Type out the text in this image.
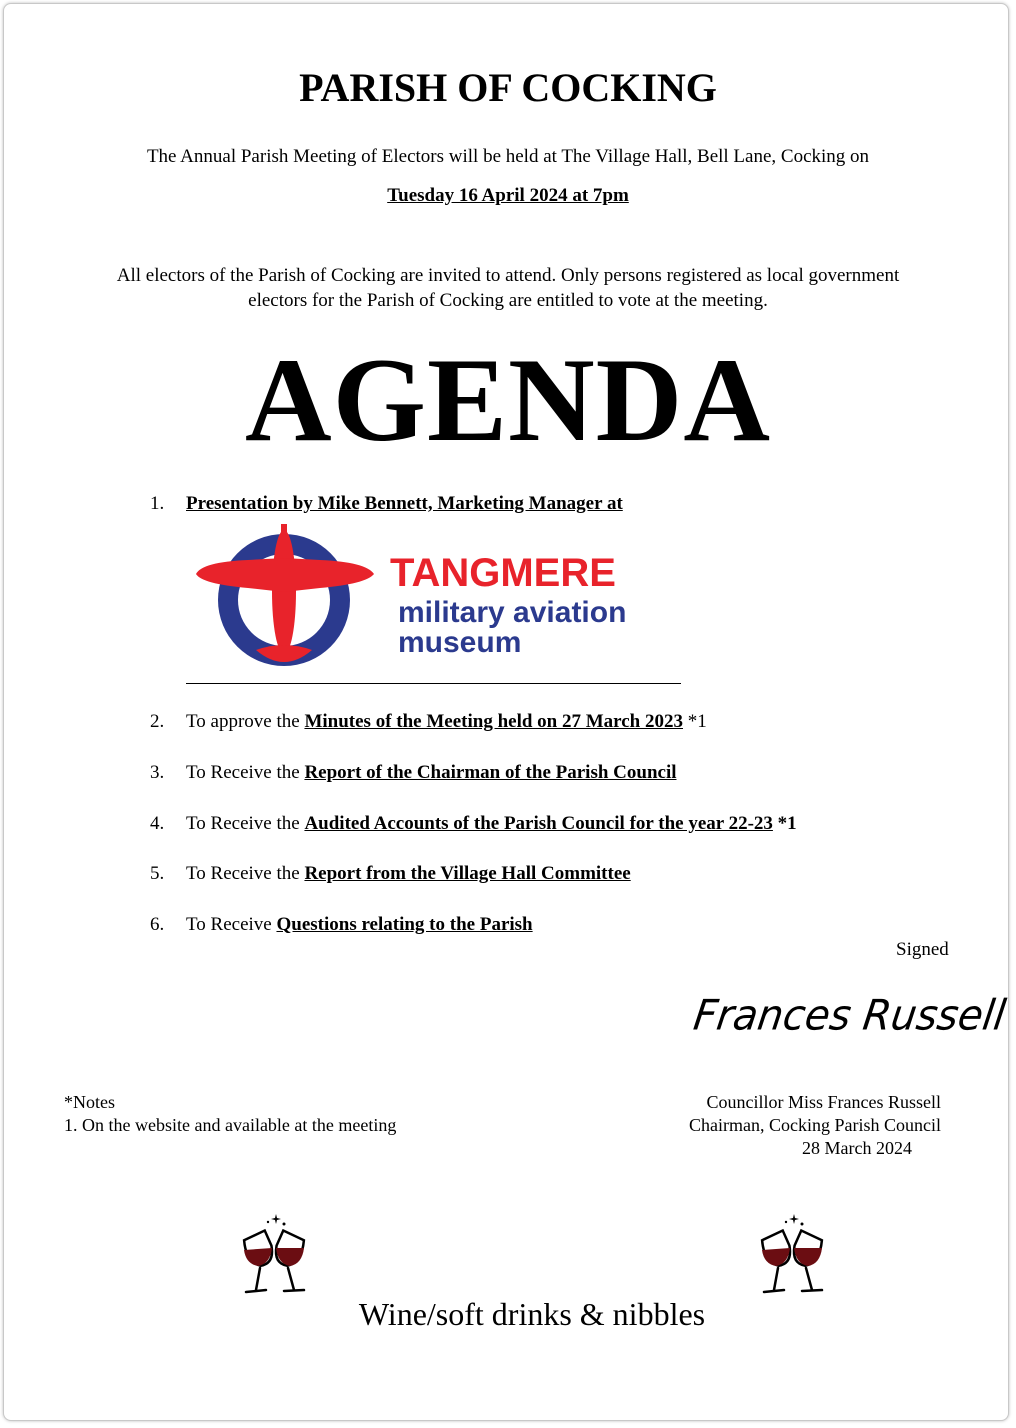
PARISH OF COCKING
The Annual Parish Meeting of Electors will be held at The Village Hall, Bell Lane, Cocking on
Tuesday 16 April 2024 at 7pm
All electors of the Parish of Cocking are invited to attend. Only persons registered as local government
electors for the Parish of Cocking are entitled to vote at the meeting.
AGENDA
1. Presentation by Mike Bennett, Marketing Manager at
TANGMERE
military aviation
museum
2. To approve the Minutes of the Meeting held on 27 March 2023 *1
3. To Receive the Report of the Chairman of the Parish Council
4. To Receive the Audited Accounts of the Parish Council for the year 22-23 *1
5. To Receive the Report from the Village Hall Committee
6. To Receive Questions relating to the Parish
Signed
Frances Russell
*Notes
1. On the website and available at the meeting
Councillor Miss Frances Russell
Chairman, Cocking Parish Council
28 March 2024
Wine/soft drinks & nibbles
